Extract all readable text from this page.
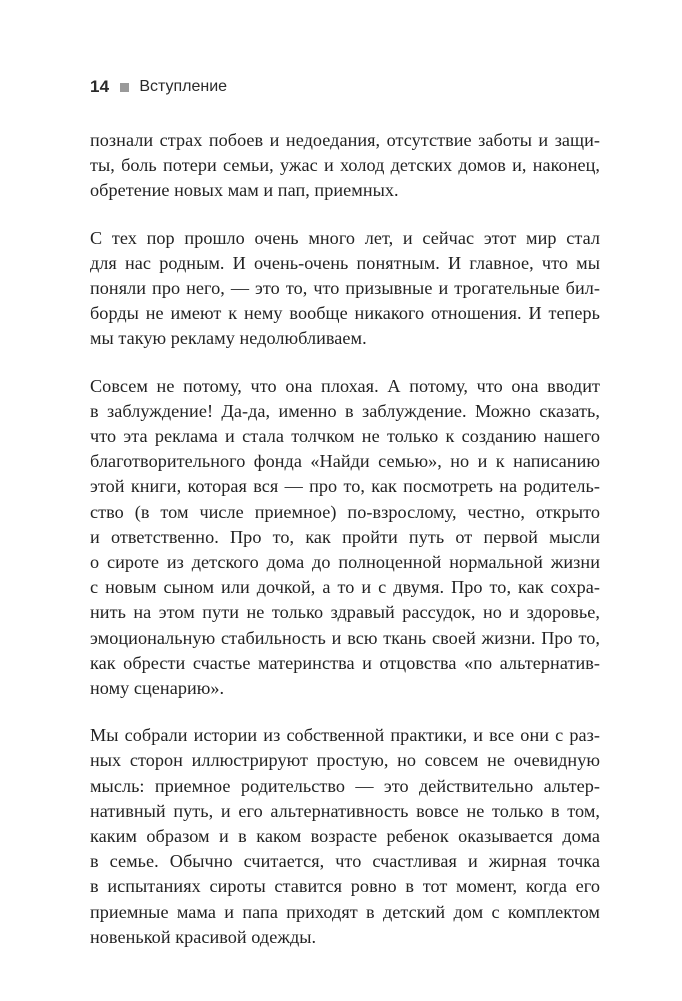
14 Вступление

познали страх побоев и недоедания, отсутствие заботы и защи-
ты, боль потери семьи, ужас и холод детских домов и, наконец,
обретение новых мам и пап, приемных.

С тех пор прошло очень много лет, и сейчас этот мир стал
для нас родным. И очень-очень понятным. И главное, что мы
поняли про него, — это то, что призывные и трогательные бил-
борды не имеют к нему вообще никакого отношения. И теперь
мы такую рекламу недолюбливаем.

Совсем не потому, что она плохая. А потому, что она вводит
в заблуждение! Да-да, именно в заблуждение. Можно сказать,
что эта реклама и стала толчком не только к созданию нашего
благотворительного фонда «Найди семью», но и к написанию
этой книги, которая вся — про то, как посмотреть на родитель-
ство (в том числе приемное) по-взрослому, честно, открыто
и ответственно. Про то, как пройти путь от первой мысли
о сироте из детского дома до полноценной нормальной жизни
с новым сыном или дочкой, а то и с двумя. Про то, как сохра-
нить на этом пути не только здравый рассудок, но и здоровье,
эмоциональную стабильность и всю ткань своей жизни. Про то,
как обрести счастье материнства и отцовства «по альтернатив-
ному сценарию».

Мы собрали истории из собственной практики, и все они с раз-
ных сторон иллюстрируют простую, но совсем не очевидную
мысль: приемное родительство — это действительно альтер-
нативный путь, и его альтернативность вовсе не только в том,
каким образом и в каком возрасте ребенок оказывается дома
в семье. Обычно считается, что счастливая и жирная точка
в испытаниях сироты ставится ровно в тот момент, когда его
приемные мама и папа приходят в детский дом с комплектом
новенькой красивой одежды.
